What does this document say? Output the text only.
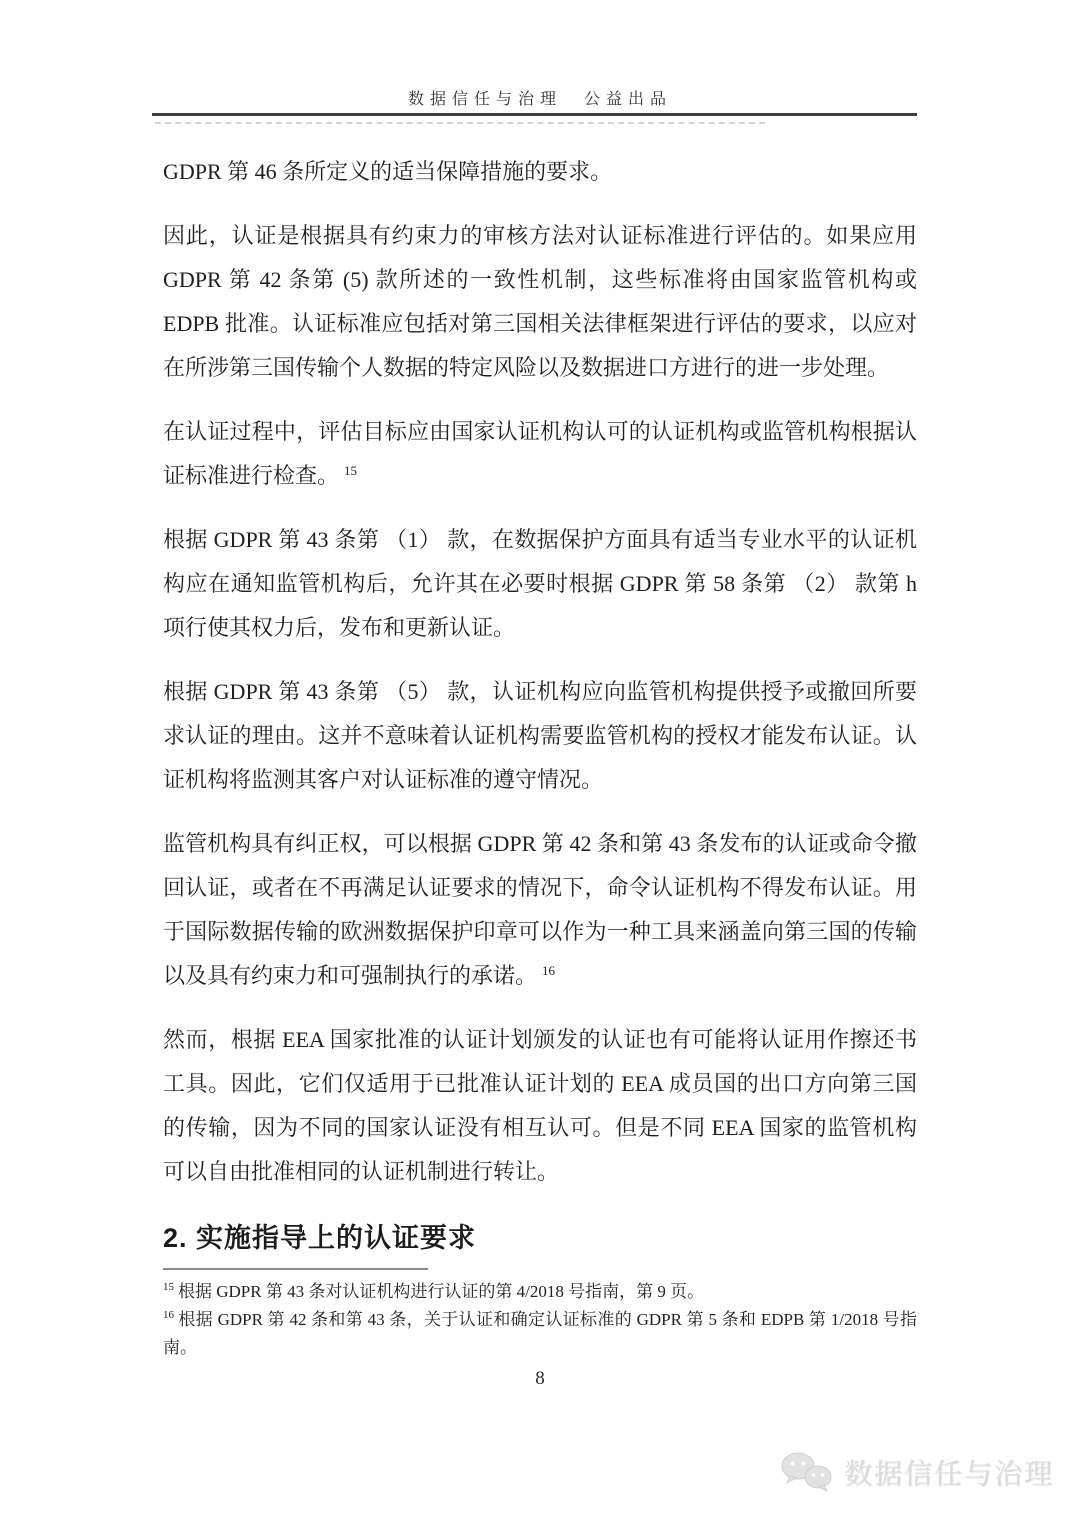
数据信任与治理　公益出品

GDPR 第 46 条所定义的适当保障措施的要求。

因此，认证是根据具有约束力的审核方法对认证标准进行评估的。如果应用 GDPR 第 42 条第 (5) 款所述的一致性机制，这些标准将由国家监管机构或 EDPB 批准。认证标准应包括对第三国相关法律框架进行评估的要求，以应对在所涉第三国传输个人数据的特定风险以及数据进口方进行的进一步处理。

在认证过程中，评估目标应由国家认证机构认可的认证机构或监管机构根据认证标准进行检查。 $^{15}$

根据 GDPR 第 43 条第 （1） 款，在数据保护方面具有适当专业水平的认证机构应在通知监管机构后，允许其在必要时根据 GDPR 第 58 条第 （2） 款第 h 项行使其权力后，发布和更新认证。

根据 GDPR 第 43 条第 （5） 款，认证机构应向监管机构提供授予或撤回所要求认证的理由。这并不意味着认证机构需要监管机构的授权才能发布认证。认证机构将监测其客户对认证标准的遵守情况。

监管机构具有纠正权，可以根据 GDPR 第 42 条和第 43 条发布的认证或命令撤回认证，或者在不再满足认证要求的情况下，命令认证机构不得发布认证。用于国际数据传输的欧洲数据保护印章可以作为一种工具来涵盖向第三国的传输以及具有约束力和可强制执行的承诺。 $^{16}$

然而，根据 EEA 国家批准的认证计划颁发的认证也有可能将认证用作擦还书工具。因此，它们仅适用于已批准认证计划的 EEA 成员国的出口方向第三国的传输，因为不同的国家认证没有相互认可。但是不同 EEA 国家的监管机构可以自由批准相同的认证机制进行转让。

2. 实施指导上的认证要求
$^{15}$ 根据 GDPR 第 43 条对认证机构进行认证的第 4/2018 号指南，第 9 页。
$^{16}$ 根据 GDPR 第 42 条和第 43 条，关于认证和确定认证标准的 GDPR 第 5 条和 EDPB 第 1/2018 号指南。
8
数据信任与治理
